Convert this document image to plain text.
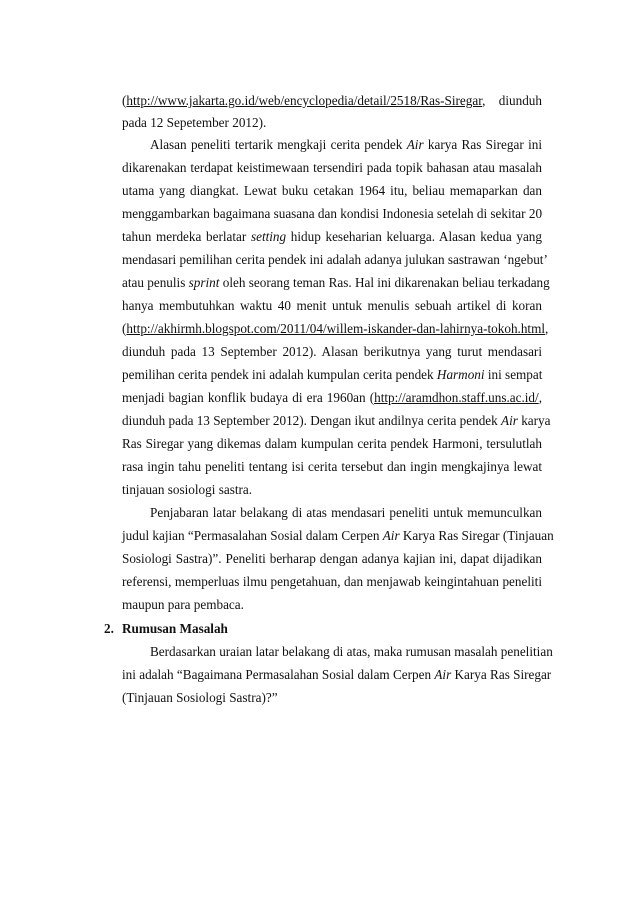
(http://www.jakarta.go.id/web/encyclopedia/detail/2518/Ras-Siregar, diunduh
pada 12 Sepetember 2012).
Alasan peneliti tertarik mengkaji cerita pendek Air karya Ras Siregar ini
dikarenakan terdapat keistimewaan tersendiri pada topik bahasan atau masalah
utama yang diangkat. Lewat buku cetakan 1964 itu, beliau memaparkan dan
menggambarkan bagaimana suasana dan kondisi Indonesia setelah di sekitar 20
tahun merdeka berlatar setting hidup keseharian keluarga. Alasan kedua yang
mendasari pemilihan cerita pendek ini adalah adanya julukan sastrawan ‘ngebut’
atau penulis sprint oleh seorang teman Ras. Hal ini dikarenakan beliau terkadang
hanya membutuhkan waktu 40 menit untuk menulis sebuah artikel di koran
(http://akhirmh.blogspot.com/2011/04/willem-iskander-dan-lahirnya-tokoh.html,
diunduh pada 13 September 2012). Alasan berikutnya yang turut mendasari
pemilihan cerita pendek ini adalah kumpulan cerita pendek Harmoni ini sempat
menjadi bagian konflik budaya di era 1960an (http://aramdhon.staff.uns.ac.id/,
diunduh pada 13 September 2012). Dengan ikut andilnya cerita pendek Air karya
Ras Siregar yang dikemas dalam kumpulan cerita pendek Harmoni, tersulutlah
rasa ingin tahu peneliti tentang isi cerita tersebut dan ingin mengkajinya lewat
tinjauan sosiologi sastra.
Penjabaran latar belakang di atas mendasari peneliti untuk memunculkan
judul kajian “Permasalahan Sosial dalam Cerpen Air Karya Ras Siregar (Tinjauan
Sosiologi Sastra)”. Peneliti berharap dengan adanya kajian ini, dapat dijadikan
referensi, memperluas ilmu pengetahuan, dan menjawab keingintahuan peneliti
maupun para pembaca.
2. Rumusan Masalah
Berdasarkan uraian latar belakang di atas, maka rumusan masalah penelitian
ini adalah “Bagaimana Permasalahan Sosial dalam Cerpen Air Karya Ras Siregar
(Tinjauan Sosiologi Sastra)?”
